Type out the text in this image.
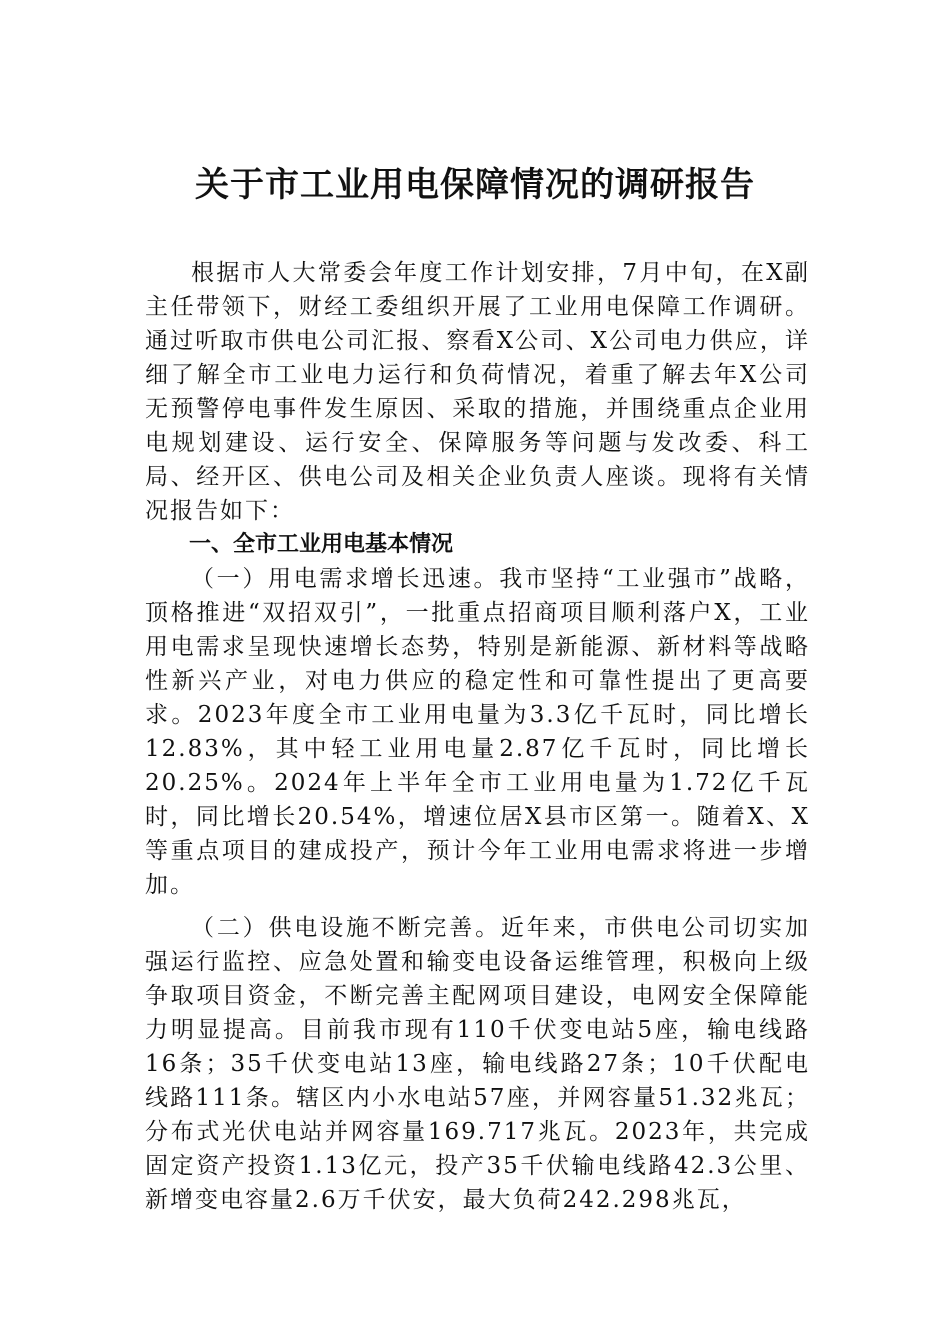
关于市工业用电保障情况的调研报告

根据市人大常委会年度工作计划安排，7月中旬，在X副主任带领下，财经工委组织开展了工业用电保障工作调研。通过听取市供电公司汇报、察看X公司、X公司电力供应，详细了解全市工业电力运行和负荷情况，着重了解去年X公司无预警停电事件发生原因、采取的措施，并围绕重点企业用电规划建设、运行安全、保障服务等问题与发改委、科工局、经开区、供电公司及相关企业负责人座谈。现将有关情况报告如下：

一、全市工业用电基本情况

（一）用电需求增长迅速。我市坚持“工业强市”战略，顶格推进“双招双引”，一批重点招商项目顺利落户X，工业用电需求呈现快速增长态势，特别是新能源、新材料等战略性新兴产业，对电力供应的稳定性和可靠性提出了更高要求。2023年度全市工业用电量为3.3亿千瓦时，同比增长12.83%，其中轻工业用电量2.87亿千瓦时，同比增长20.25%。2024年上半年全市工业用电量为1.72亿千瓦时，同比增长20.54%，增速位居X县市区第一。随着X、X等重点项目的建成投产，预计今年工业用电需求将进一步增加。

（二）供电设施不断完善。近年来，市供电公司切实加强运行监控、应急处置和输变电设备运维管理，积极向上级争取项目资金，不断完善主配网项目建设，电网安全保障能力明显提高。目前我市现有110千伏变电站5座，输电线路16条；35千伏变电站13座，输电线路27条；10千伏配电线路111条。辖区内小水电站57座，并网容量51.32兆瓦；分布式光伏电站并网容量169.717兆瓦。2023年，共完成固定资产投资1.13亿元，投产35千伏输电线路42.3公里、新增变电容量2.6万千伏安，最大负荷242.298兆瓦，
